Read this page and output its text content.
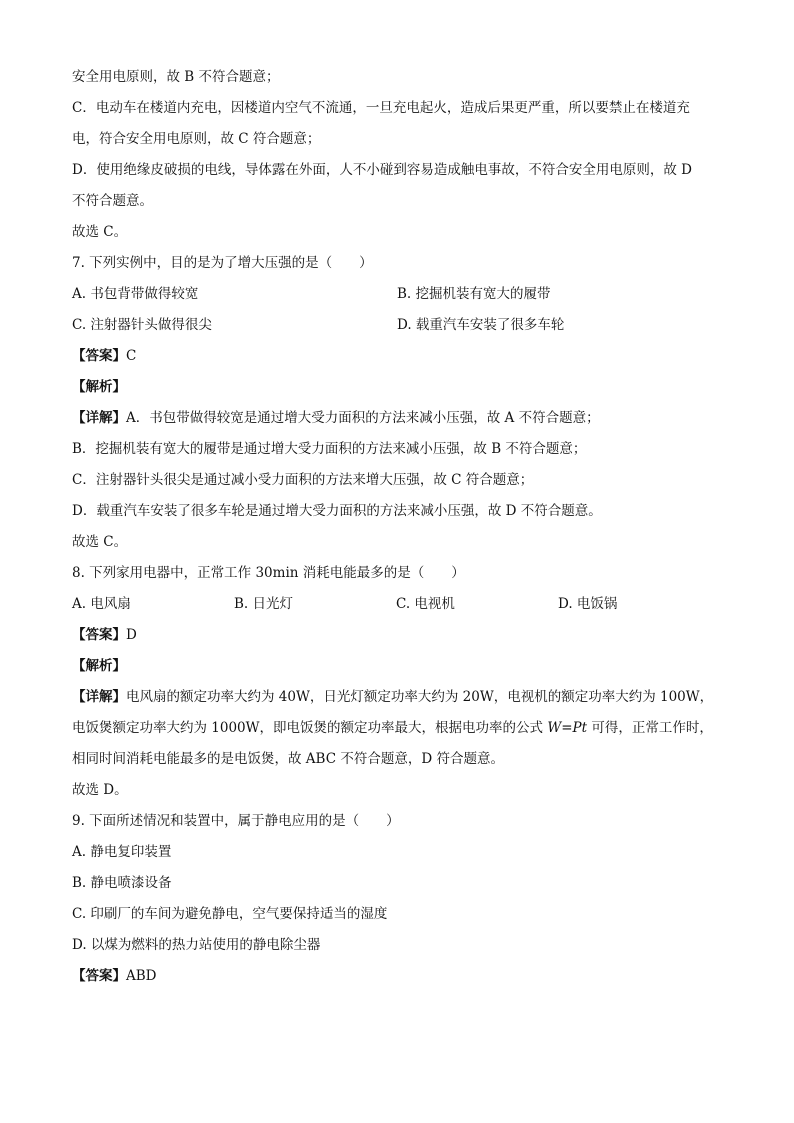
安全用电原则，故 B 不符合题意；
C．电动车在楼道内充电，因楼道内空气不流通，一旦充电起火，造成后果更严重，所以要禁止在楼道充
电，符合安全用电原则，故 C 符合题意；
D．使用绝缘皮破损的电线，导体露在外面，人不小碰到容易造成触电事故，不符合安全用电原则，故 D
不符合题意。
故选 C。
7. 下列实例中，目的是为了增大压强的是（　　）
A. 书包背带做得较宽	B. 挖掘机装有宽大的履带
C. 注射器针头做得很尖	D. 载重汽车安装了很多车轮
【答案】C
【解析】
【详解】A．书包带做得较宽是通过增大受力面积的方法来减小压强，故 A 不符合题意；
B．挖掘机装有宽大的履带是通过增大受力面积的方法来减小压强，故 B 不符合题意；
C．注射器针头很尖是通过减小受力面积的方法来增大压强，故 C 符合题意；
D．载重汽车安装了很多车轮是通过增大受力面积的方法来减小压强，故 D 不符合题意。
故选 C。
8. 下列家用电器中，正常工作 30min 消耗电能最多的是（　　）
A. 电风扇	B. 日光灯	C. 电视机	D. 电饭锅
【答案】D
【解析】
【详解】电风扇的额定功率大约为 40W，日光灯额定功率大约为 20W，电视机的额定功率大约为 100W，
电饭煲额定功率大约为 1000W，即电饭煲的额定功率最大，根据电功率的公式 W=Pt 可得，正常工作时，
相同时间消耗电能最多的是电饭煲，故 ABC 不符合题意，D 符合题意。
故选 D。
9. 下面所述情况和装置中，属于静电应用的是（　　）
A. 静电复印装置
B. 静电喷漆设备
C. 印刷厂的车间为避免静电，空气要保持适当的湿度
D. 以煤为燃料的热力站使用的静电除尘器
【答案】ABD
